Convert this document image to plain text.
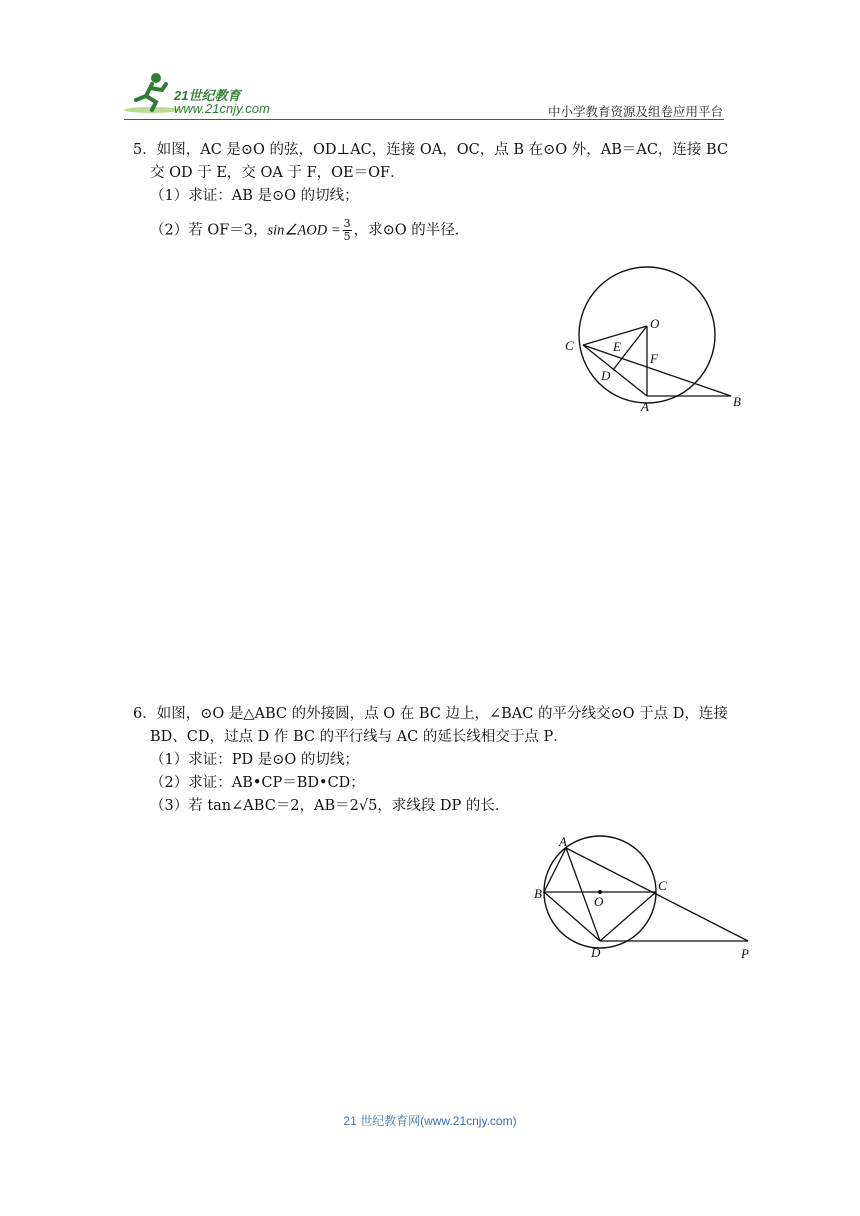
21世纪教育
www.21cnjy.com	中小学教育资源及组卷应用平台
5．如图，AC 是⊙O 的弦，OD⊥AC，连接 OA，OC，点 B 在⊙O 外，AB＝AC，连接 BC
交 OD 于 E，交 OA 于 F，OE＝OF．
（1）求证：AB 是⊙O 的切线；
（2）若 OF＝3，sin∠AOD = $\frac{3}{5}$ ，求⊙O 的半径．
O
C	E
F
D
A	B
6．如图，⊙O 是△ABC 的外接圆，点 O 在 BC 边上，∠BAC 的平分线交⊙O 于点 D，连接
BD、CD，过点 D 作 BC 的平行线与 AC 的延长线相交于点 P．
（1）求证：PD 是⊙O 的切线；
（2）求证：AB•CP＝BD•CD；
（3）若 tan∠ABC＝2，AB＝2√5，求线段 DP 的长．
A
B
O
C
D	P
21 世纪教育网(www.21cnjy.com)
